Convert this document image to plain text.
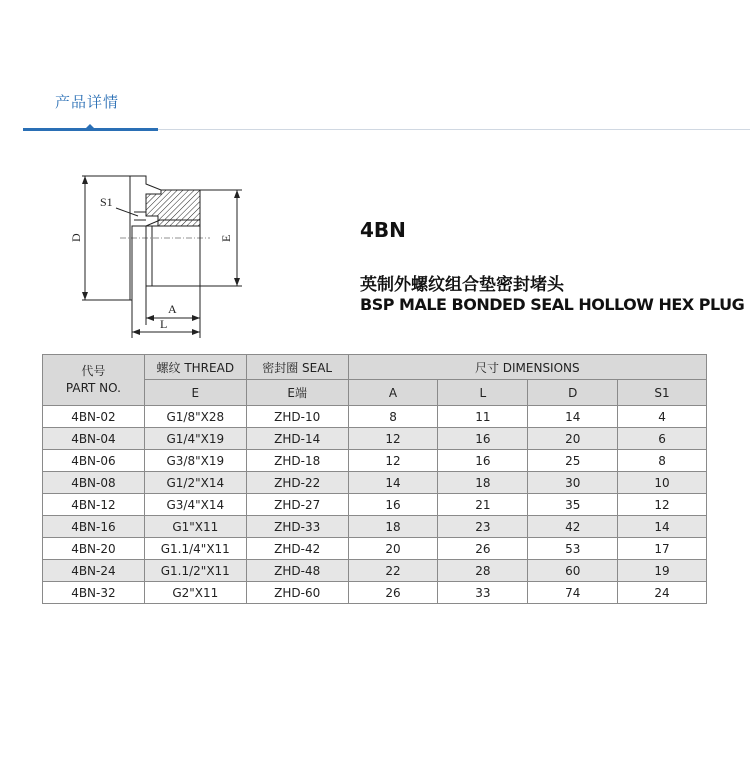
产品详情
D	E
S1
A
L
4BN
英制外螺纹组合垫密封堵头
BSP MALE BONDED SEAL HOLLOW HEX PLUG
代号
PART NO.	螺纹 THREAD	密封圈 SEAL	尺寸 DIMENSIONS			
	E	E端	A	L	D	S1
4BN-02	G1/8"X28	ZHD-10	8	11	14	4
4BN-04	G1/4"X19	ZHD-14	12	16	20	6
4BN-06	G3/8"X19	ZHD-18	12	16	25	8
4BN-08	G1/2"X14	ZHD-22	14	18	30	10
4BN-12	G3/4"X14	ZHD-27	16	21	35	12
4BN-16	G1"X11	ZHD-33	18	23	42	14
4BN-20	G1.1/4"X11	ZHD-42	20	26	53	17
4BN-24	G1.1/2"X11	ZHD-48	22	28	60	19
4BN-32	G2"X11	ZHD-60	26	33	74	24
